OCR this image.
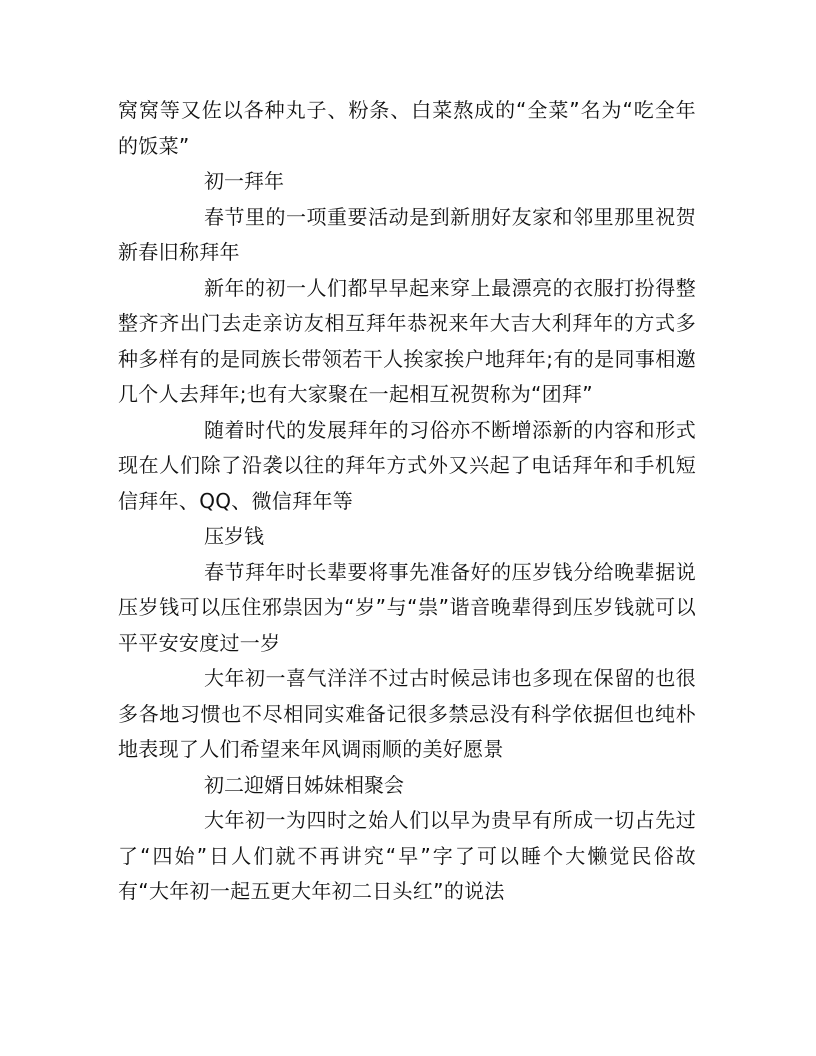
窝窝等又佐以各种丸子、粉条、白菜熬成的“全菜”名为“吃全年的饭菜”

初一拜年

春节里的一项重要活动是到新朋好友家和邻里那里祝贺新春旧称拜年

新年的初一人们都早早起来穿上最漂亮的衣服打扮得整整齐齐出门去走亲访友相互拜年恭祝来年大吉大利拜年的方式多种多样有的是同族长带领若干人挨家挨户地拜年;有的是同事相邀几个人去拜年;也有大家聚在一起相互祝贺称为“团拜”

随着时代的发展拜年的习俗亦不断增添新的内容和形式现在人们除了沿袭以往的拜年方式外又兴起了电话拜年和手机短信拜年、QQ、微信拜年等

压岁钱

春节拜年时长辈要将事先准备好的压岁钱分给晚辈据说压岁钱可以压住邪祟因为“岁”与“祟”谐音晚辈得到压岁钱就可以平平安安度过一岁

大年初一喜气洋洋不过古时候忌讳也多现在保留的也很多各地习惯也不尽相同实难备记很多禁忌没有科学依据但也纯朴地表现了人们希望来年风调雨顺的美好愿景

初二迎婿日姊妹相聚会

大年初一为四时之始人们以早为贵早有所成一切占先过了“四始”日人们就不再讲究“早”字了可以睡个大懒觉民俗故有“大年初一起五更大年初二日头红”的说法
